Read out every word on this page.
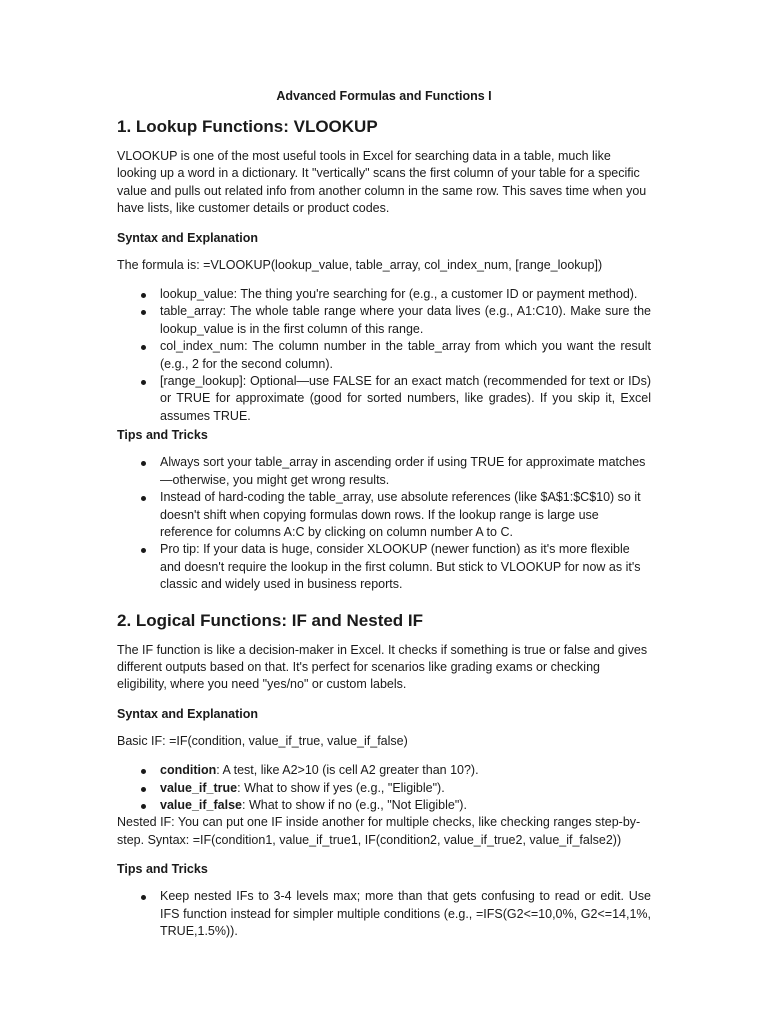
Advanced Formulas and Functions I
1. Lookup Functions: VLOOKUP

VLOOKUP is one of the most useful tools in Excel for searching data in a table, much like looking up a word in a dictionary. It "vertically" scans the first column of your table for a specific value and pulls out related info from another column in the same row. This saves time when you have lists, like customer details or product codes.

Syntax and Explanation

The formula is: =VLOOKUP(lookup_value, table_array, col_index_num, [range_lookup])

lookup_value: The thing you're searching for (e.g., a customer ID or payment method).
table_array: The whole table range where your data lives (e.g., A1:C10). Make sure the lookup_value is in the first column of this range.
col_index_num: The column number in the table_array from which you want the result (e.g., 2 for the second column).
[range_lookup]: Optional—use FALSE for an exact match (recommended for text or IDs) or TRUE for approximate (good for sorted numbers, like grades). If you skip it, Excel assumes TRUE.
Tips and Tricks
Always sort your table_array in ascending order if using TRUE for approximate matches—otherwise, you might get wrong results.
Instead of hard-coding the table_array, use absolute references (like $A$1:$C$10) so it doesn't shift when copying formulas down rows. If the lookup range is large use reference for columns A:C by clicking on column number A to C.
Pro tip: If your data is huge, consider XLOOKUP (newer function) as it's more flexible and doesn't require the lookup in the first column. But stick to VLOOKUP for now as it's classic and widely used in business reports.
2. Logical Functions: IF and Nested IF

The IF function is like a decision-maker in Excel. It checks if something is true or false and gives different outputs based on that. It's perfect for scenarios like grading exams or checking eligibility, where you need "yes/no" or custom labels.

Syntax and Explanation

Basic IF: =IF(condition, value_if_true, value_if_false)

condition: A test, like A2>10 (is cell A2 greater than 10?).
value_if_true: What to show if yes (e.g., "Eligible").
value_if_false: What to show if no (e.g., "Not Eligible").

Nested IF: You can put one IF inside another for multiple checks, like checking ranges step-by-step. Syntax: =IF(condition1, value_if_true1, IF(condition2, value_if_true2, value_if_false2))

Tips and Tricks
Keep nested IFs to 3-4 levels max; more than that gets confusing to read or edit. Use IFS function instead for simpler multiple conditions (e.g., =IFS(G2<=10,0%, G2<=14,1%, TRUE,1.5%)).
